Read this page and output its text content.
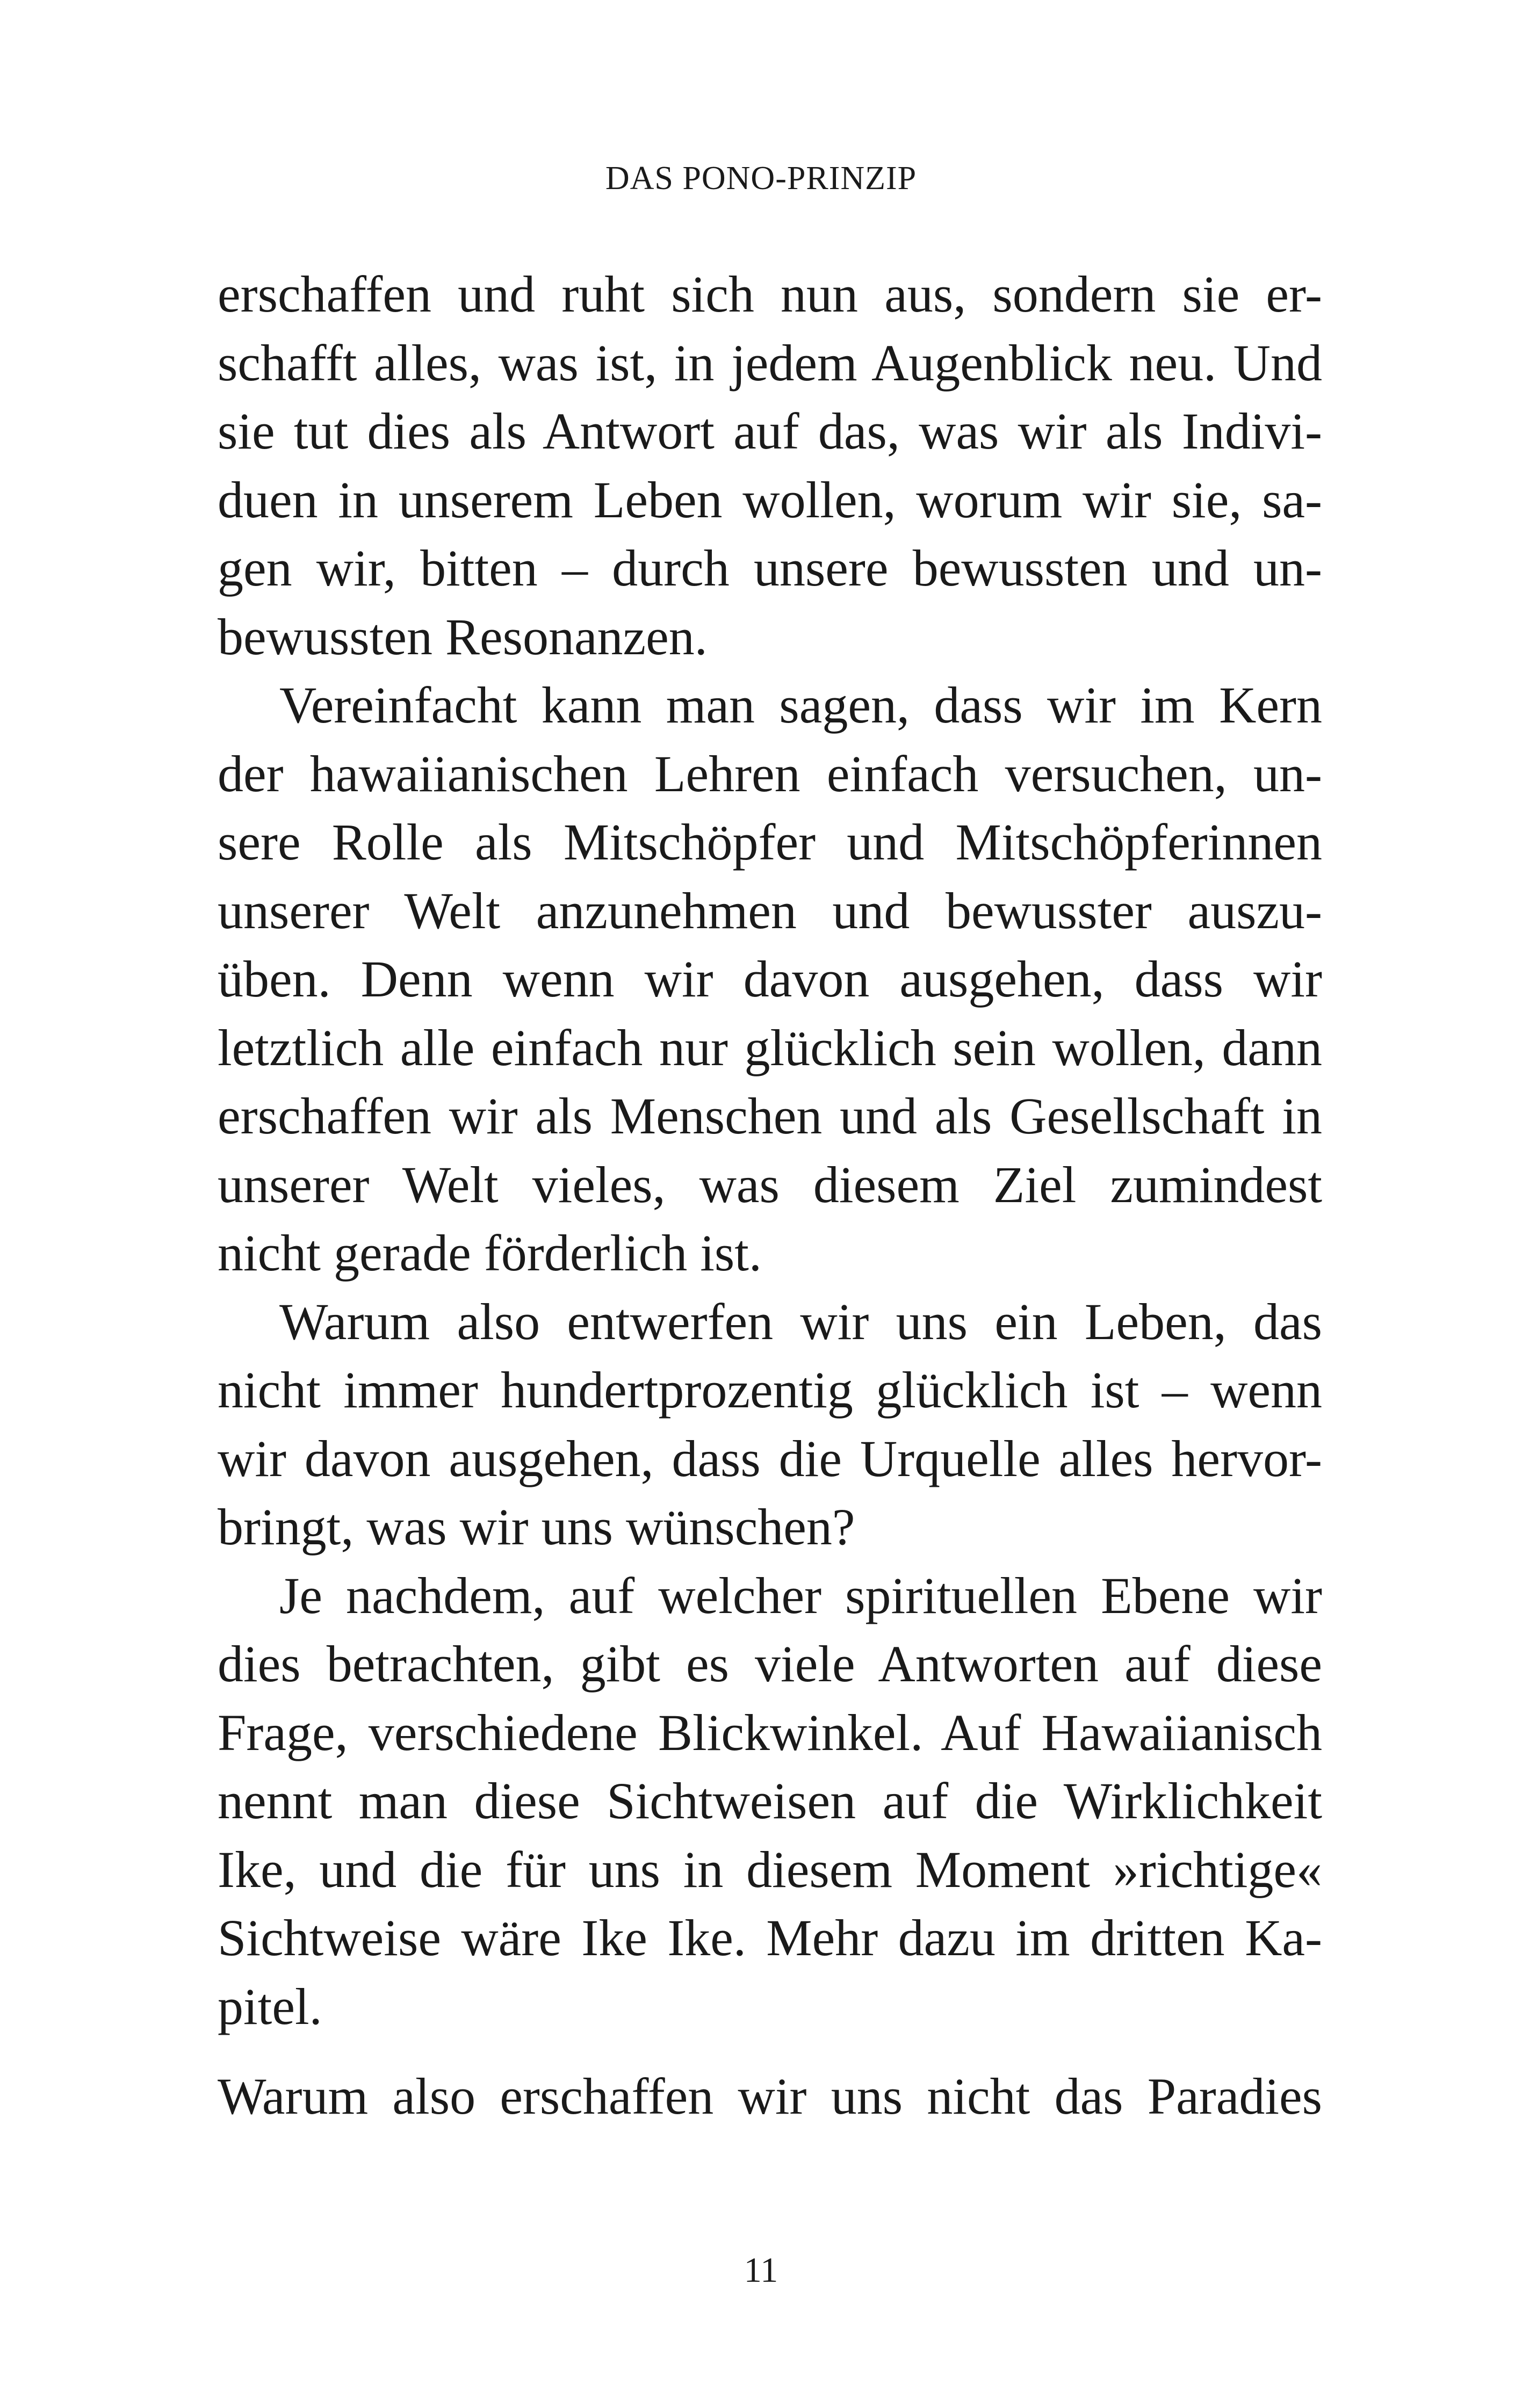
DAS PONO-PRINZIP
erschaffen und ruht sich nun aus, sondern sie er-
schafft alles, was ist, in jedem Augenblick neu. Und
sie tut dies als Antwort auf das, was wir als Indivi-
duen in unserem Leben wollen, worum wir sie, sa-
gen wir, bitten – durch unsere bewussten und un-
bewussten Resonanzen.
Vereinfacht kann man sagen, dass wir im Kern
der hawaiianischen Lehren einfach versuchen, un-
sere Rolle als Mitschöpfer und Mitschöpferinnen
unserer Welt anzunehmen und bewusster auszu-
üben. Denn wenn wir davon ausgehen, dass wir
letztlich alle einfach nur glücklich sein wollen, dann
erschaffen wir als Menschen und als Gesellschaft in
unserer Welt vieles, was diesem Ziel zumindest
nicht gerade förderlich ist.
Warum also entwerfen wir uns ein Leben, das
nicht immer hundertprozentig glücklich ist – wenn
wir davon ausgehen, dass die Urquelle alles hervor-
bringt, was wir uns wünschen?
Je nachdem, auf welcher spirituellen Ebene wir
dies betrachten, gibt es viele Antworten auf diese
Frage, verschiedene Blickwinkel. Auf Hawaiianisch
nennt man diese Sichtweisen auf die Wirklichkeit
Ike, und die für uns in diesem Moment »richtige«
Sichtweise wäre Ike Ike. Mehr dazu im dritten Ka-
pitel.
Warum also erschaffen wir uns nicht das Paradies
11
